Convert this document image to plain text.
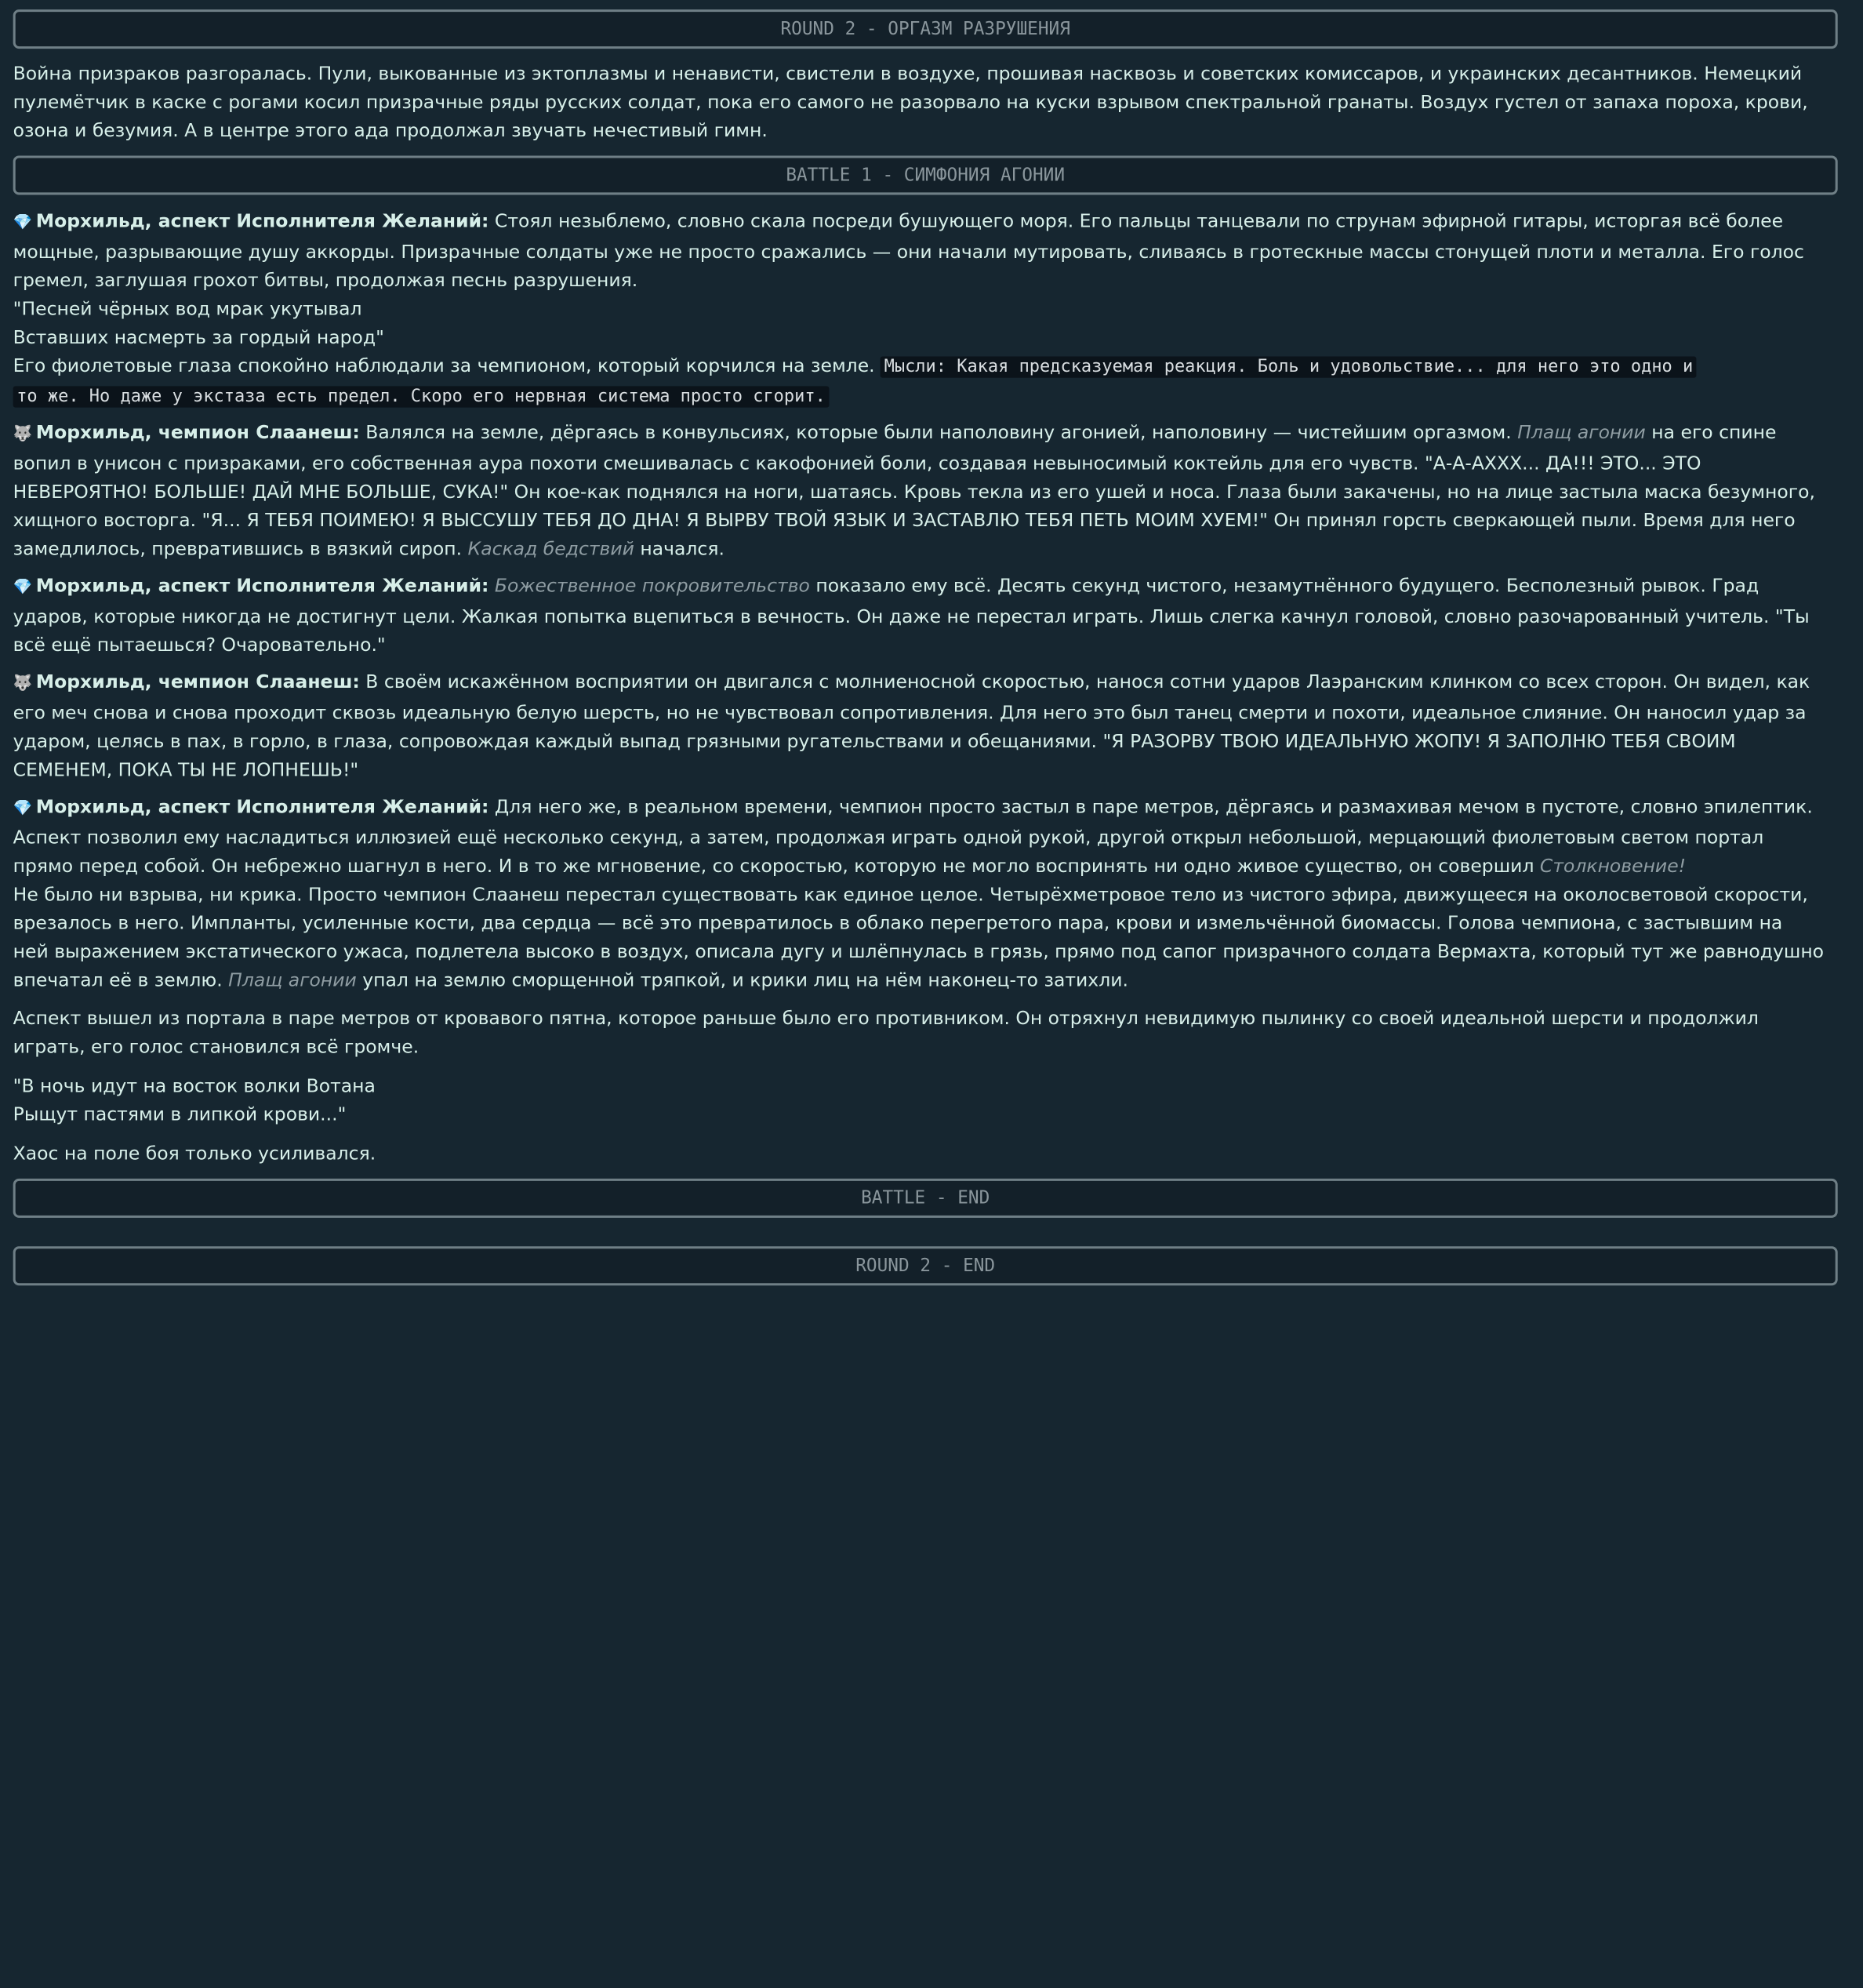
ROUND 2 - ОРГАЗМ РАЗРУШЕНИЯ
Война призраков разгоралась. Пули, выкованные из эктоплазмы и ненависти, свистели в воздухе, прошивая насквозь и советских комиссаров, и украинских десантников. Немецкий
пулемётчик в каске с рогами косил призрачные ряды русских солдат, пока его самого не разорвало на куски взрывом спектральной гранаты. Воздух густел от запаха пороха, крови,
озона и безумия. А в центре этого ада продолжал звучать нечестивый гимн.
BATTLE 1 - СИМФОНИЯ АГОНИИ
💎 Морхильд, аспект Исполнителя Желаний: Стоял незыблемо, словно скала посреди бушующего моря. Его пальцы танцевали по струнам эфирной гитары, исторгая всё более
мощные, разрывающие душу аккорды. Призрачные солдаты уже не просто сражались — они начали мутировать, сливаясь в гротескные массы стонущей плоти и металла. Его голос
гремел, заглушая грохот битвы, продолжая песнь разрушения.
"Песней чёрных вод мрак укутывал
Вставших насмерть за гордый народ"
Его фиолетовые глаза спокойно наблюдали за чемпионом, который корчился на земле. Мысли: Какая предсказуемая реакция. Боль и удовольствие... для него это одно и
то же. Но даже у экстаза есть предел. Скоро его нервная система просто сгорит.
🐺 Морхильд, чемпион Слаанеш: Валялся на земле, дёргаясь в конвульсиях, которые были наполовину агонией, наполовину — чистейшим оргазмом. Плащ агонии на его спине
вопил в унисон с призраками, его собственная аура похоти смешивалась с какофонией боли, создавая невыносимый коктейль для его чувств. "А-А-АХХХ... ДА!!! ЭТО... ЭТО
НЕВЕРОЯТНО! БОЛЬШЕ! ДАЙ МНЕ БОЛЬШЕ, СУКА!" Он кое-как поднялся на ноги, шатаясь. Кровь текла из его ушей и носа. Глаза были закачены, но на лице застыла маска безумного,
хищного восторга. "Я... Я ТЕБЯ ПОИМЕЮ! Я ВЫССУШУ ТЕБЯ ДО ДНА! Я ВЫРВУ ТВОЙ ЯЗЫК И ЗАСТАВЛЮ ТЕБЯ ПЕТЬ МОИМ ХУЕМ!" Он принял горсть сверкающей пыли. Время для него
замедлилось, превратившись в вязкий сироп. Каскад бедствий начался.
💎 Морхильд, аспект Исполнителя Желаний: Божественное покровительство показало ему всё. Десять секунд чистого, незамутнённого будущего. Бесполезный рывок. Град
ударов, которые никогда не достигнут цели. Жалкая попытка вцепиться в вечность. Он даже не перестал играть. Лишь слегка качнул головой, словно разочарованный учитель. "Ты
всё ещё пытаешься? Очаровательно."
🐺 Морхильд, чемпион Слаанеш: В своём искажённом восприятии он двигался с молниеносной скоростью, нанося сотни ударов Лаэранским клинком со всех сторон. Он видел, как
его меч снова и снова проходит сквозь идеальную белую шерсть, но не чувствовал сопротивления. Для него это был танец смерти и похоти, идеальное слияние. Он наносил удар за
ударом, целясь в пах, в горло, в глаза, сопровождая каждый выпад грязными ругательствами и обещаниями. "Я РАЗОРВУ ТВОЮ ИДЕАЛЬНУЮ ЖОПУ! Я ЗАПОЛНЮ ТЕБЯ СВОИМ
СЕМЕНЕМ, ПОКА ТЫ НЕ ЛОПНЕШЬ!"
💎 Морхильд, аспект Исполнителя Желаний: Для него же, в реальном времени, чемпион просто застыл в паре метров, дёргаясь и размахивая мечом в пустоте, словно эпилептик.
Аспект позволил ему насладиться иллюзией ещё несколько секунд, а затем, продолжая играть одной рукой, другой открыл небольшой, мерцающий фиолетовым светом портал
прямо перед собой. Он небрежно шагнул в него. И в то же мгновение, со скоростью, которую не могло воспринять ни одно живое существо, он совершил Столкновение!
Не было ни взрыва, ни крика. Просто чемпион Слаанеш перестал существовать как единое целое. Четырёхметровое тело из чистого эфира, движущееся на околосветовой скорости,
врезалось в него. Импланты, усиленные кости, два сердца — всё это превратилось в облако перегретого пара, крови и измельчённой биомассы. Голова чемпиона, с застывшим на
ней выражением экстатического ужаса, подлетела высоко в воздух, описала дугу и шлёпнулась в грязь, прямо под сапог призрачного солдата Вермахта, который тут же равнодушно
впечатал её в землю. Плащ агонии упал на землю сморщенной тряпкой, и крики лиц на нём наконец-то затихли.
Аспект вышел из портала в паре метров от кровавого пятна, которое раньше было его противником. Он отряхнул невидимую пылинку со своей идеальной шерсти и продолжил
играть, его голос становился всё громче.
"В ночь идут на восток волки Вотана
Рыщут пастями в липкой крови..."
Хаос на поле боя только усиливался.
BATTLE - END
ROUND 2 - END
